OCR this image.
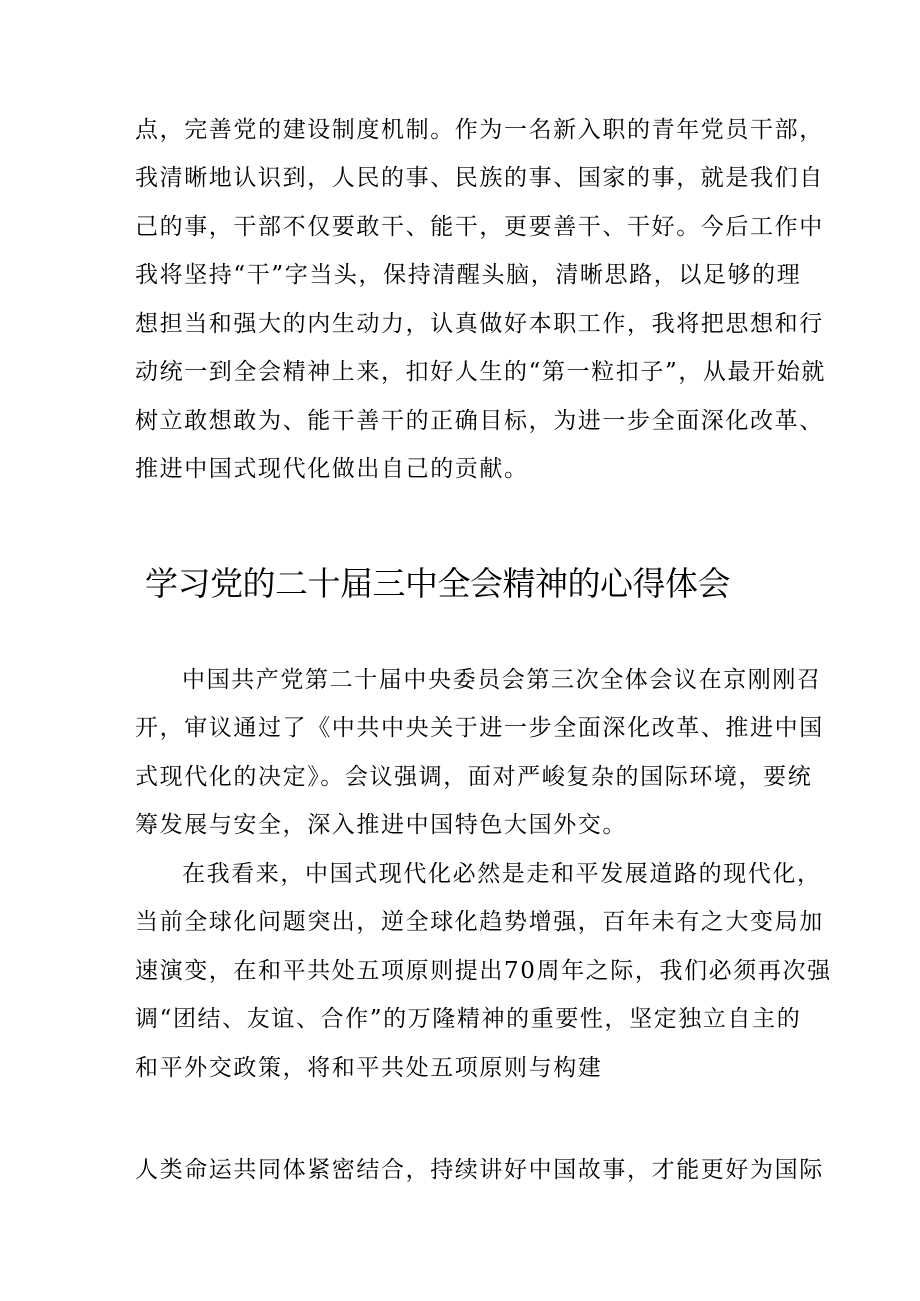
点，完善党的建设制度机制。作为一名新入职的青年党员干部，
我清晰地认识到，人民的事、民族的事、国家的事，就是我们自
己的事，干部不仅要敢干、能干，更要善干、干好。今后工作中
我将坚持“干”字当头，保持清醒头脑，清晰思路，以足够的理
想担当和强大的内生动力，认真做好本职工作，我将把思想和行
动统一到全会精神上来，扣好人生的“第一粒扣子”，从最开始就
树立敢想敢为、能干善干的正确目标，为进一步全面深化改革、
推进中国式现代化做出自己的贡献。
学习党的二十届三中全会精神的心得体会
中国共产党第二十届中央委员会第三次全体会议在京刚刚召
开，审议通过了《中共中央关于进一步全面深化改革、推进中国
式现代化的决定》。会议强调，面对严峻复杂的国际环境，要统
筹发展与安全，深入推进中国特色大国外交。
在我看来，中国式现代化必然是走和平发展道路的现代化，
当前全球化问题突出，逆全球化趋势增强，百年未有之大变局加
速演变，在和平共处五项原则提出70周年之际，我们必须再次强
调“团结、友谊、合作”的万隆精神的重要性，坚定独立自主的
和平外交政策，将和平共处五项原则与构建
人类命运共同体紧密结合，持续讲好中国故事，才能更好为国际
